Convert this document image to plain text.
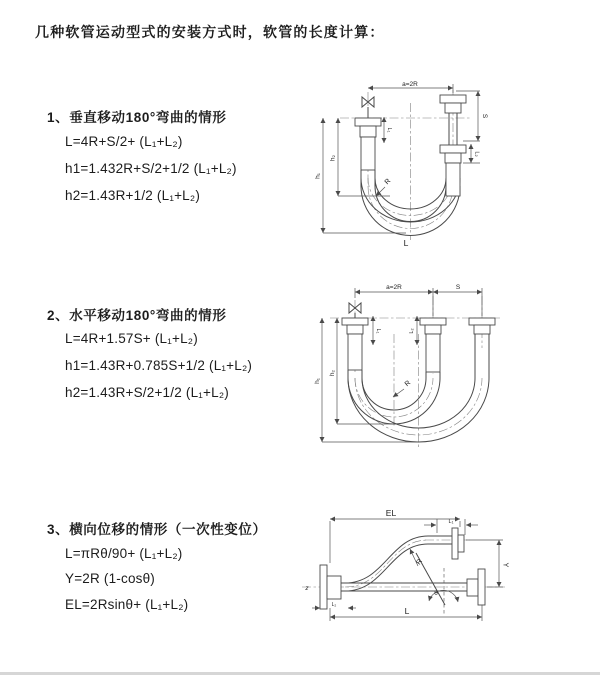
几种软管运动型式的安装方式时，软管的长度计算：
1、垂直移动180°弯曲的情形
L=4R+S/2+ (L₁+L₂)
h1=1.432R+S/2+1/2 (L₁+L₂)
h2=1.43R+1/2 (L₁+L₂)
2、水平移动180°弯曲的情形
L=4R+1.57S+ (L₁+L₂)
h1=1.43R+0.785S+1/2 (L₁+L₂)
h2=1.43R+S/2+1/2 (L₁+L₂)
3、横向位移的情形（一次性变位）
L=πRθ/90+ (L₁+L₂)
Y=2R (1-cosθ)
EL=2Rsinθ+ (L₁+L₂)
a=2R
S
L₂
h₁
h₂
L₁
R
L
a=2R	S
h₁
h₂
L₁	L₂
R
EL
L₁
Y
R
θ
L
L₂
z
